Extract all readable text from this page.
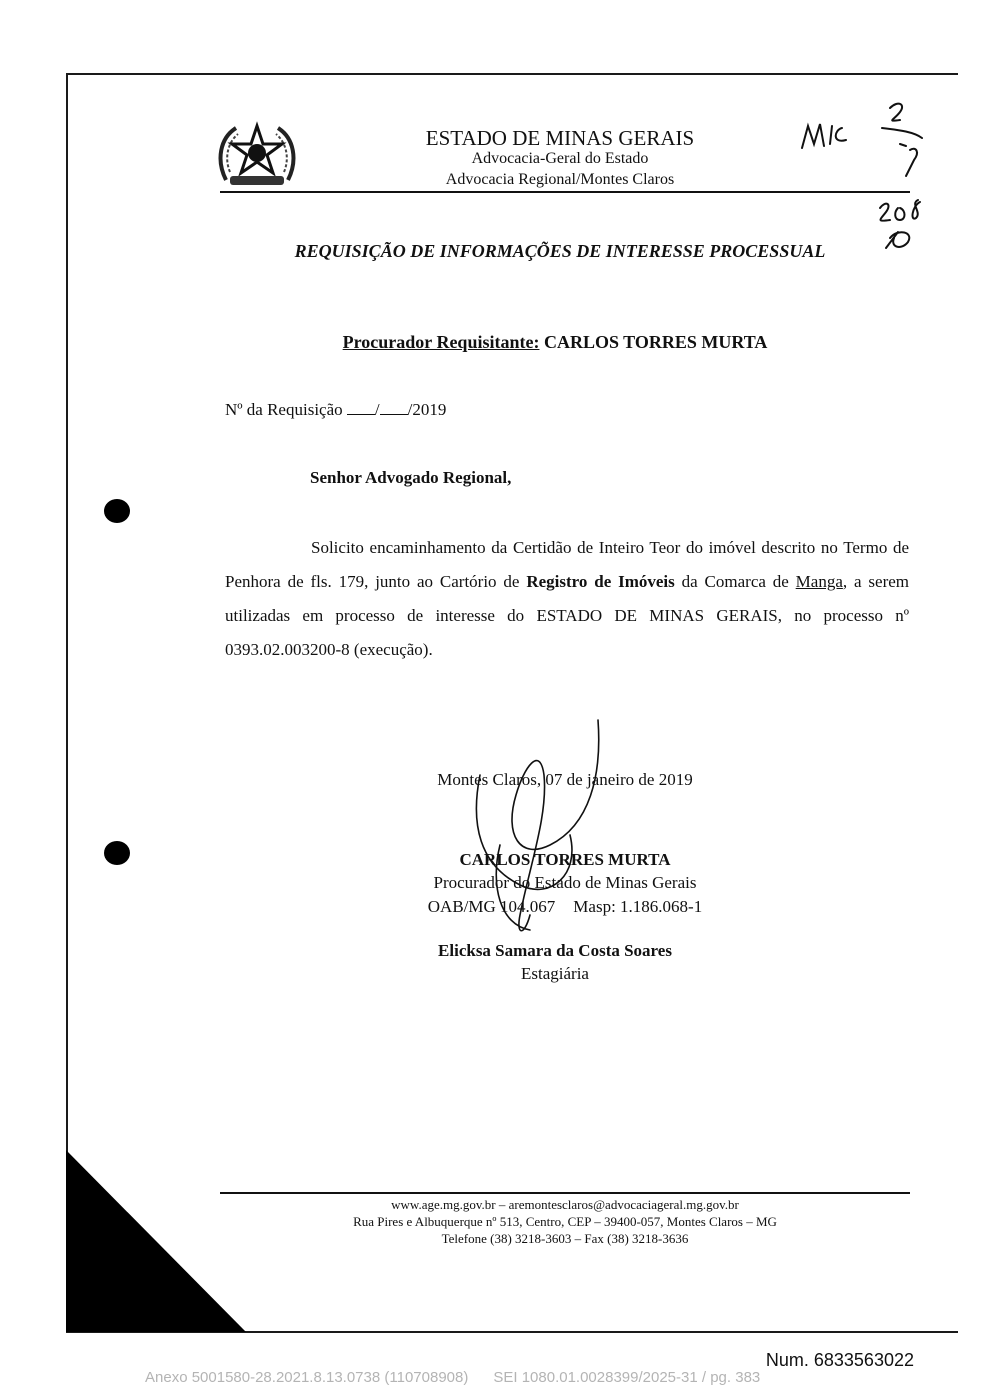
ESTADO DE MINAS GERAIS
Advocacia-Geral do Estado
Advocacia Regional/Montes Claros
REQUISIÇÃO DE INFORMAÇÕES DE INTERESSE PROCESSUAL
Procurador Requisitante: CARLOS TORRES MURTA
Nº da Requisição / /2019
Senhor Advogado Regional,
Solicito encaminhamento da Certidão de Inteiro Teor do imóvel descrito no Termo de Penhora de fls. 179, junto ao Cartório de Registro de Imóveis da Comarca de Manga, a serem utilizadas em processo de interesse do ESTADO DE MINAS GERAIS, no processo nº 0393.02.003200-8 (execução).
Montes Claros, 07 de janeiro de 2019
CARLOS TORRES MURTA
Procurador do Estado de Minas Gerais
OAB/MG 104.067 Masp: 1.186.068-1
Elicksa Samara da Costa Soares
Estagiária
www.age.mg.gov.br – aremontesclaros@advocaciageral.mg.gov.br
Rua Pires e Albuquerque nº 513, Centro, CEP – 39400-057, Montes Claros – MG
Telefone (38) 3218-3603 – Fax (38) 3218-3636
Num. 6833563022
Anexo 5001580-28.2021.8.13.0738 (110708908) SEI 1080.01.0028399/2025-31 / pg. 383
